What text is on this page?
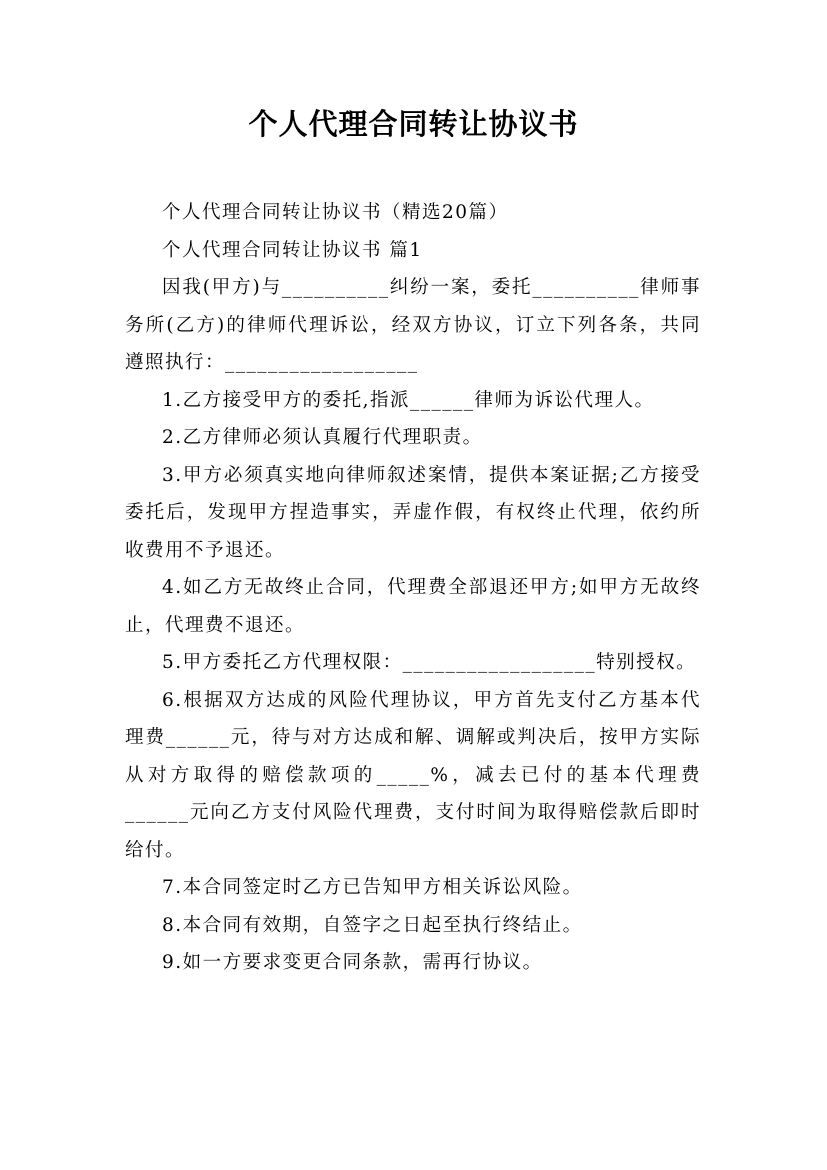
个人代理合同转让协议书

个人代理合同转让协议书（精选20篇）

个人代理合同转让协议书 篇1

因我(甲方)与__________纠纷一案，委托__________律师事务所(乙方)的律师代理诉讼，经双方协议，订立下列各条，共同遵照执行：__________________

1.乙方接受甲方的委托,指派______律师为诉讼代理人。

2.乙方律师必须认真履行代理职责。

3.甲方必须真实地向律师叙述案情，提供本案证据;乙方接受委托后，发现甲方捏造事实，弄虚作假，有权终止代理，依约所收费用不予退还。

4.如乙方无故终止合同，代理费全部退还甲方;如甲方无故终止，代理费不退还。

5.甲方委托乙方代理权限：__________________特别授权。

6.根据双方达成的风险代理协议，甲方首先支付乙方基本代理费______元，待与对方达成和解、调解或判决后，按甲方实际从对方取得的赔偿款项的_____%，减去已付的基本代理费______元向乙方支付风险代理费，支付时间为取得赔偿款后即时给付。

7.本合同签定时乙方已告知甲方相关诉讼风险。

8.本合同有效期，自签字之日起至执行终结止。

9.如一方要求变更合同条款，需再行协议。
